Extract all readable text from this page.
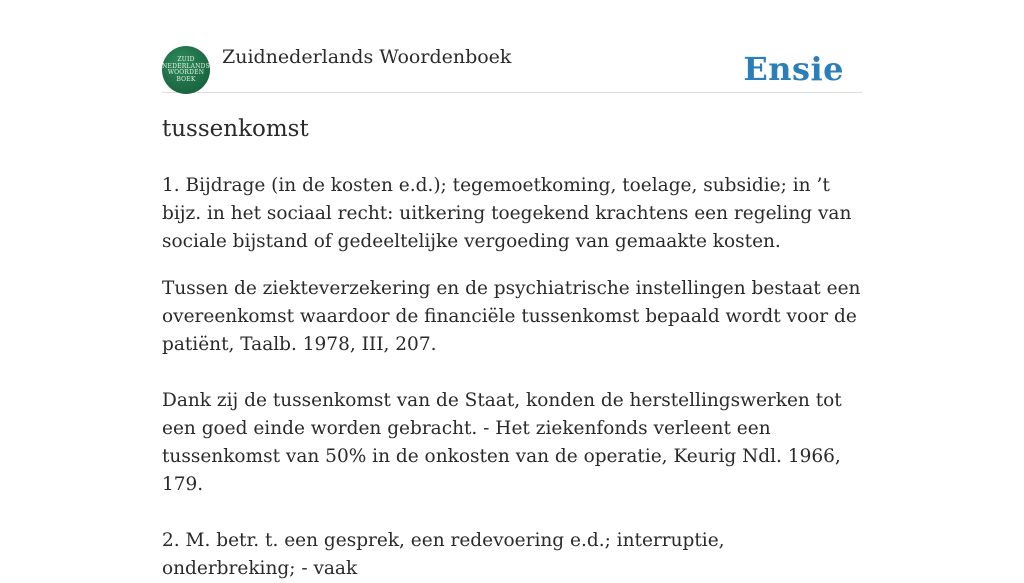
ZUID
NEDERLANDS
WOORDEN
BOEK
Zuidnederlands Woordenboek	Ensie
tussenkomst

1. Bijdrage (in de kosten e.d.); tegemoetkoming, toelage, subsidie; in ’t bijz. in het sociaal recht: uitkering toegekend krachtens een regeling van sociale bijstand of gedeeltelijke vergoeding van gemaakte kosten.

Tussen de ziekteverzekering en de psychiatrische instellingen bestaat een overeenkomst waardoor de financiële tussenkomst bepaald wordt voor de patiënt, Taalb. 1978, III, 207.

Dank zij de tussenkomst van de Staat, konden de herstellingswerken tot een goed einde worden gebracht. - Het ziekenfonds verleent een tussenkomst van 50% in de onkosten van de operatie, Keurig Ndl. 1966, 179.

2. M. betr. t. een gesprek, een redevoering e.d.; interruptie, onderbreking; - vaak
